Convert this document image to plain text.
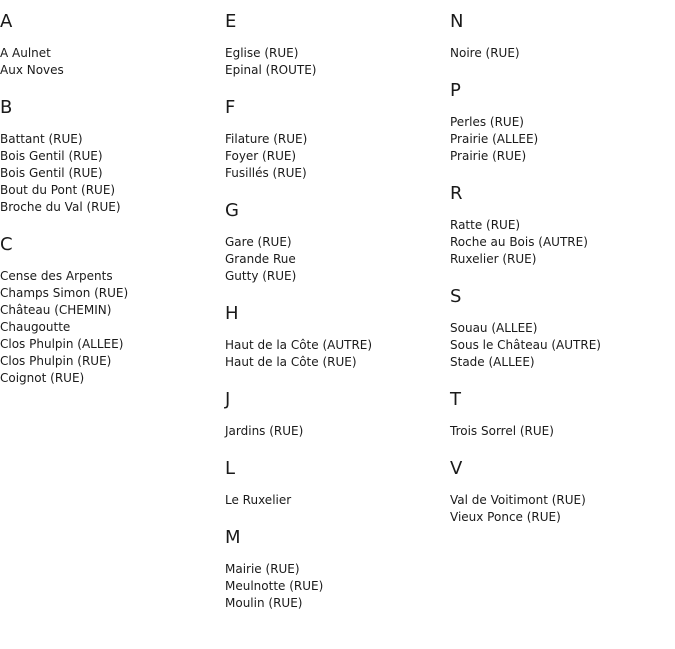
A
A Aulnet
Aux Noves
B
Battant (RUE)
Bois Gentil (RUE)
Bois Gentil (RUE)
Bout du Pont (RUE)
Broche du Val (RUE)
C
Cense des Arpents
Champs Simon (RUE)
Château (CHEMIN)
Chaugoutte
Clos Phulpin (ALLEE)
Clos Phulpin (RUE)
Coignot (RUE)
E
Eglise (RUE)
Epinal (ROUTE)
F
Filature (RUE)
Foyer (RUE)
Fusillés (RUE)
G
Gare (RUE)
Grande Rue
Gutty (RUE)
H
Haut de la Côte (AUTRE)
Haut de la Côte (RUE)
J
Jardins (RUE)
L
Le Ruxelier
M
Mairie (RUE)
Meulnotte (RUE)
Moulin (RUE)
N
Noire (RUE)
P
Perles (RUE)
Prairie (ALLEE)
Prairie (RUE)
R
Ratte (RUE)
Roche au Bois (AUTRE)
Ruxelier (RUE)
S
Souau (ALLEE)
Sous le Château (AUTRE)
Stade (ALLEE)
T
Trois Sorrel (RUE)
V
Val de Voitimont (RUE)
Vieux Ponce (RUE)
